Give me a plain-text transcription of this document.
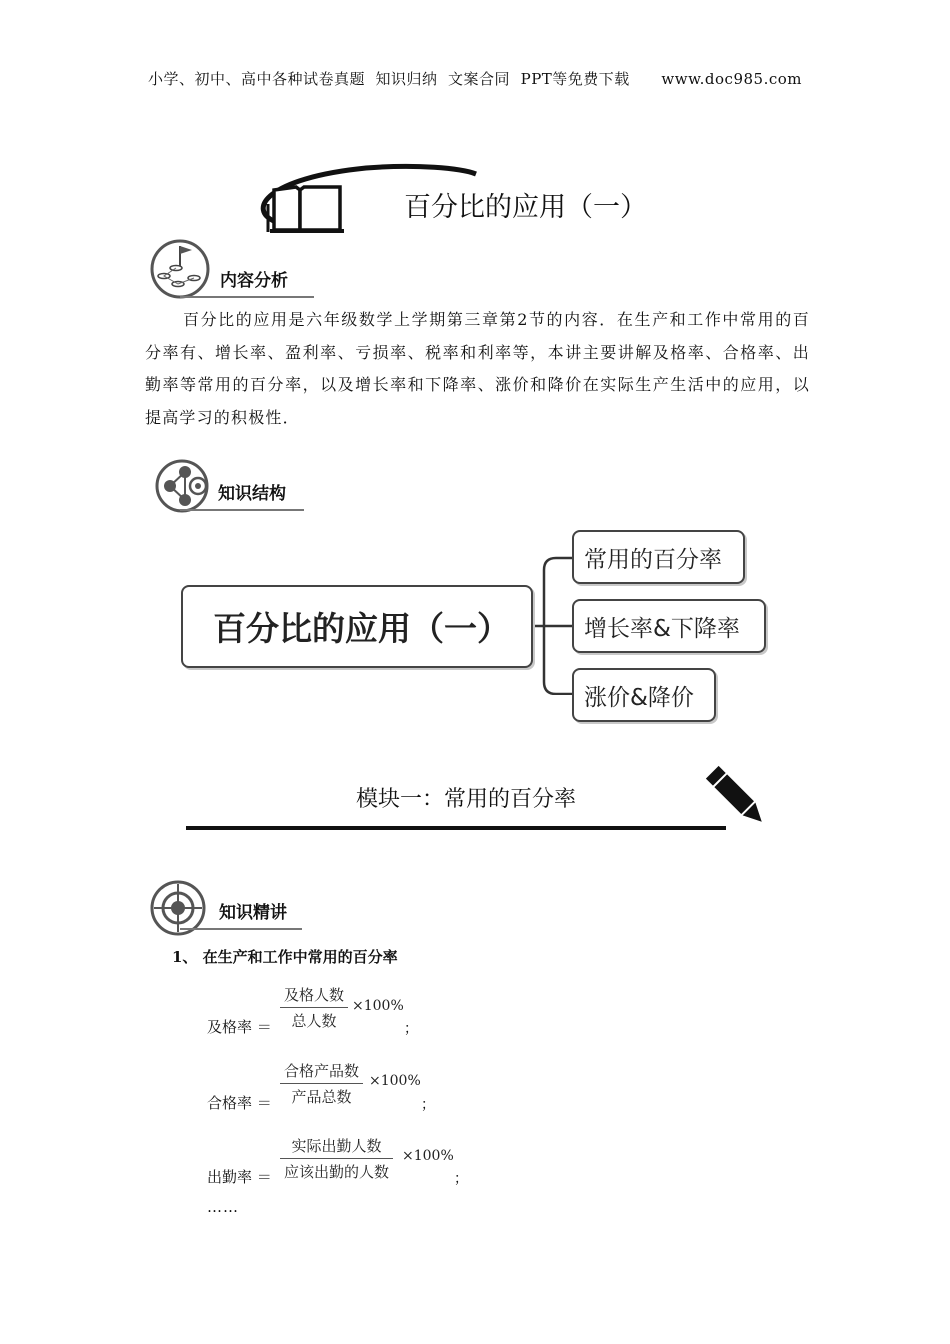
小学、初中、高中各种试卷真题  知识归纳  文案合同  PPT等免费下载 www.doc985.com
百分比的应用（一）
内容分析
百分比的应用是六年级数学上学期第三章第2节的内容．在生产和工作中常用的百分率有、增长率、盈利率、亏损率、税率和利率等，本讲主要讲解及格率、合格率、出勤率等常用的百分率，以及增长率和下降率、涨价和降价在实际生产生活中的应用，以提高学习的积极性．
知识结构
百分比的应用（一）
常用的百分率
增长率&下降率
涨价&降价
模块一：常用的百分率
知识精讲
1、 在生产和工作中常用的百分率
及格率 ＝
及格人数
总人数
×100%
；
合格率 ＝
合格产品数
产品总数
×100%
；
出勤率 ＝
实际出勤人数
应该出勤的人数
×100%
；
……
